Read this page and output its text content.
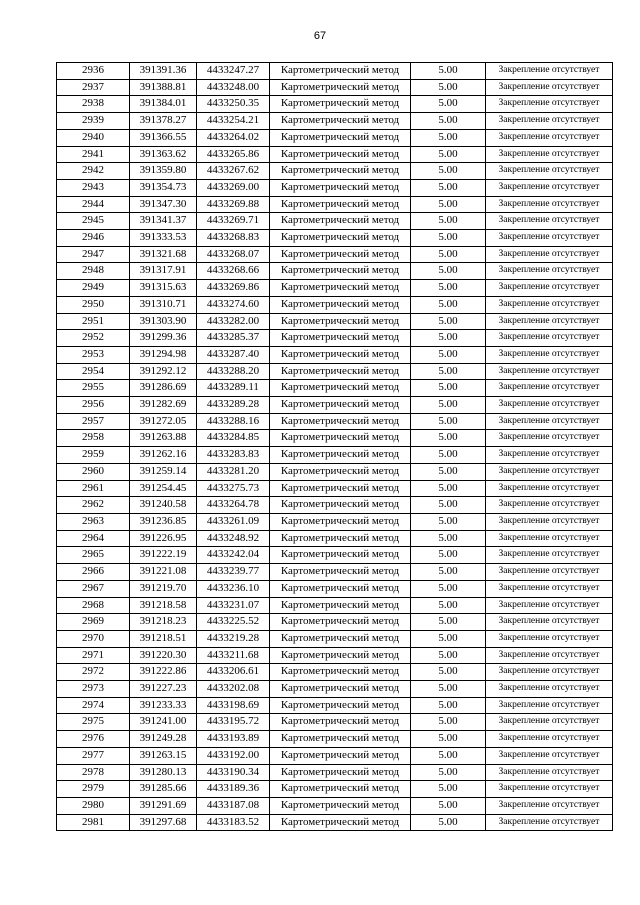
67
2936	391391.36	4433247.27	Картометрический метод	5.00	Закрепление отсутствует
2937	391388.81	4433248.00	Картометрический метод	5.00	Закрепление отсутствует
2938	391384.01	4433250.35	Картометрический метод	5.00	Закрепление отсутствует
2939	391378.27	4433254.21	Картометрический метод	5.00	Закрепление отсутствует
2940	391366.55	4433264.02	Картометрический метод	5.00	Закрепление отсутствует
2941	391363.62	4433265.86	Картометрический метод	5.00	Закрепление отсутствует
2942	391359.80	4433267.62	Картометрический метод	5.00	Закрепление отсутствует
2943	391354.73	4433269.00	Картометрический метод	5.00	Закрепление отсутствует
2944	391347.30	4433269.88	Картометрический метод	5.00	Закрепление отсутствует
2945	391341.37	4433269.71	Картометрический метод	5.00	Закрепление отсутствует
2946	391333.53	4433268.83	Картометрический метод	5.00	Закрепление отсутствует
2947	391321.68	4433268.07	Картометрический метод	5.00	Закрепление отсутствует
2948	391317.91	4433268.66	Картометрический метод	5.00	Закрепление отсутствует
2949	391315.63	4433269.86	Картометрический метод	5.00	Закрепление отсутствует
2950	391310.71	4433274.60	Картометрический метод	5.00	Закрепление отсутствует
2951	391303.90	4433282.00	Картометрический метод	5.00	Закрепление отсутствует
2952	391299.36	4433285.37	Картометрический метод	5.00	Закрепление отсутствует
2953	391294.98	4433287.40	Картометрический метод	5.00	Закрепление отсутствует
2954	391292.12	4433288.20	Картометрический метод	5.00	Закрепление отсутствует
2955	391286.69	4433289.11	Картометрический метод	5.00	Закрепление отсутствует
2956	391282.69	4433289.28	Картометрический метод	5.00	Закрепление отсутствует
2957	391272.05	4433288.16	Картометрический метод	5.00	Закрепление отсутствует
2958	391263.88	4433284.85	Картометрический метод	5.00	Закрепление отсутствует
2959	391262.16	4433283.83	Картометрический метод	5.00	Закрепление отсутствует
2960	391259.14	4433281.20	Картометрический метод	5.00	Закрепление отсутствует
2961	391254.45	4433275.73	Картометрический метод	5.00	Закрепление отсутствует
2962	391240.58	4433264.78	Картометрический метод	5.00	Закрепление отсутствует
2963	391236.85	4433261.09	Картометрический метод	5.00	Закрепление отсутствует
2964	391226.95	4433248.92	Картометрический метод	5.00	Закрепление отсутствует
2965	391222.19	4433242.04	Картометрический метод	5.00	Закрепление отсутствует
2966	391221.08	4433239.77	Картометрический метод	5.00	Закрепление отсутствует
2967	391219.70	4433236.10	Картометрический метод	5.00	Закрепление отсутствует
2968	391218.58	4433231.07	Картометрический метод	5.00	Закрепление отсутствует
2969	391218.23	4433225.52	Картометрический метод	5.00	Закрепление отсутствует
2970	391218.51	4433219.28	Картометрический метод	5.00	Закрепление отсутствует
2971	391220.30	4433211.68	Картометрический метод	5.00	Закрепление отсутствует
2972	391222.86	4433206.61	Картометрический метод	5.00	Закрепление отсутствует
2973	391227.23	4433202.08	Картометрический метод	5.00	Закрепление отсутствует
2974	391233.33	4433198.69	Картометрический метод	5.00	Закрепление отсутствует
2975	391241.00	4433195.72	Картометрический метод	5.00	Закрепление отсутствует
2976	391249.28	4433193.89	Картометрический метод	5.00	Закрепление отсутствует
2977	391263.15	4433192.00	Картометрический метод	5.00	Закрепление отсутствует
2978	391280.13	4433190.34	Картометрический метод	5.00	Закрепление отсутствует
2979	391285.66	4433189.36	Картометрический метод	5.00	Закрепление отсутствует
2980	391291.69	4433187.08	Картометрический метод	5.00	Закрепление отсутствует
2981	391297.68	4433183.52	Картометрический метод	5.00	Закрепление отсутствует
